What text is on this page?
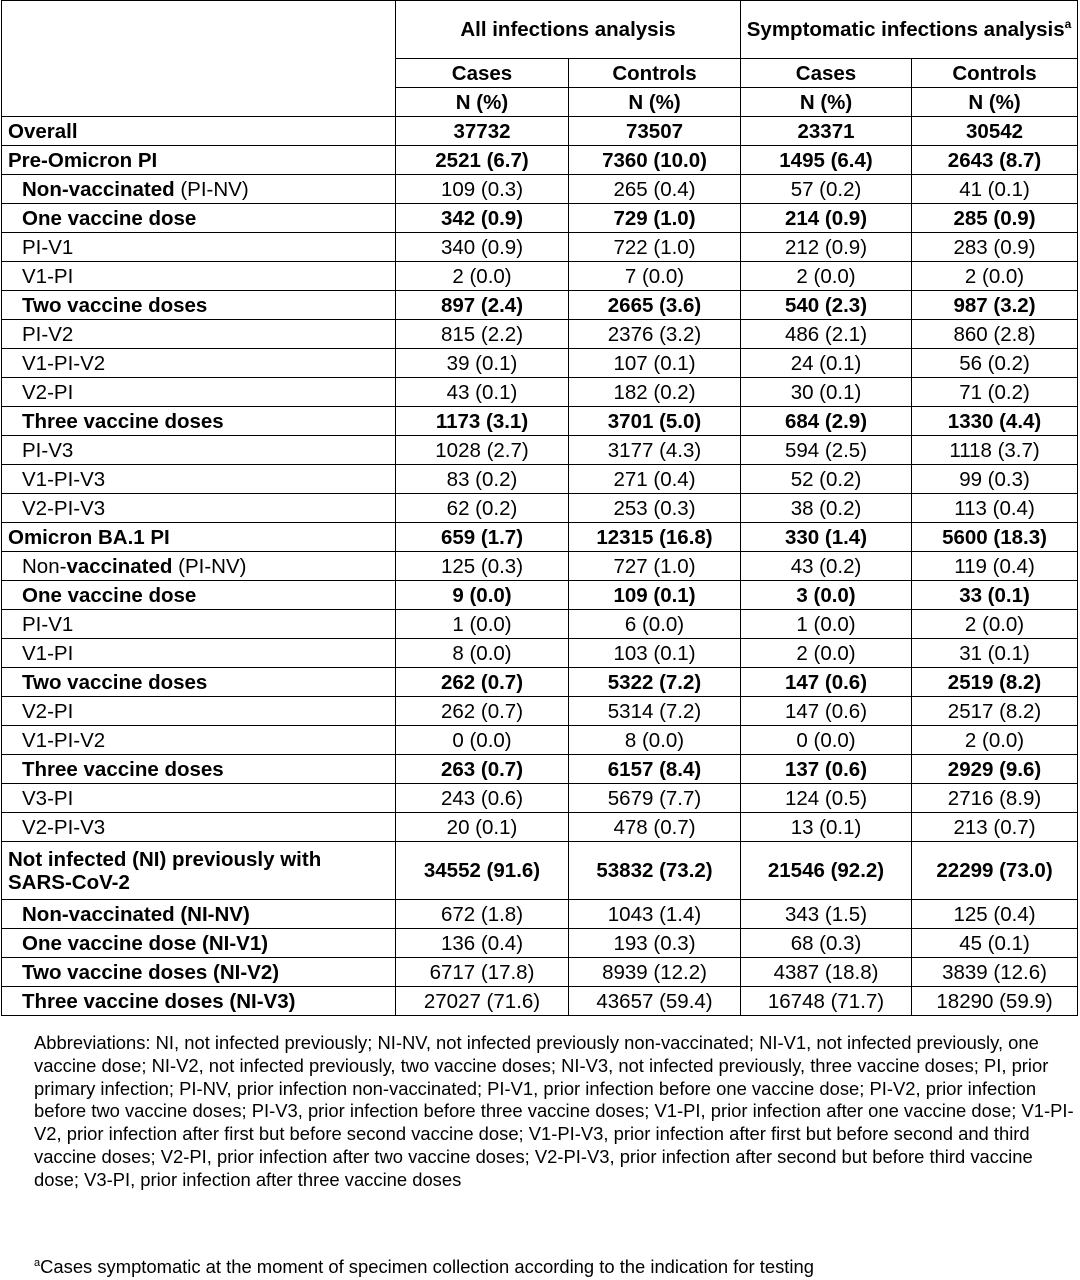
	All infections analysis		Symptomatic infections analysis$^a$
	Cases	Controls	Cases	Controls
	N (%)	N (%)	N (%)	N (%)
Overall	37732	73507	23371	30542
Pre-Omicron PI	2521 (6.7)	7360 (10.0)	1495 (6.4)	2643 (8.7)
Non-vaccinated (PI-NV)	109 (0.3)	265 (0.4)	57 (0.2)	41 (0.1)
One vaccine dose	342 (0.9)	729 (1.0)	214 (0.9)	285 (0.9)
PI-V1	340 (0.9)	722 (1.0)	212 (0.9)	283 (0.9)
V1-PI	2 (0.0)	7 (0.0)	2 (0.0)	2 (0.0)
Two vaccine doses	897 (2.4)	2665 (3.6)	540 (2.3)	987 (3.2)
PI-V2	815 (2.2)	2376 (3.2)	486 (2.1)	860 (2.8)
V1-PI-V2	39 (0.1)	107 (0.1)	24 (0.1)	56 (0.2)
V2-PI	43 (0.1)	182 (0.2)	30 (0.1)	71 (0.2)
Three vaccine doses	1173 (3.1)	3701 (5.0)	684 (2.9)	1330 (4.4)
PI-V3	1028 (2.7)	3177 (4.3)	594 (2.5)	1118 (3.7)
V1-PI-V3	83 (0.2)	271 (0.4)	52 (0.2)	99 (0.3)
V2-PI-V3	62 (0.2)	253 (0.3)	38 (0.2)	113 (0.4)
Omicron BA.1 PI	659 (1.7)	12315 (16.8)	330 (1.4)	5600 (18.3)
Non-vaccinated (PI-NV)	125 (0.3)	727 (1.0)	43 (0.2)	119 (0.4)
One vaccine dose	9 (0.0)	109 (0.1)	3 (0.0)	33 (0.1)
PI-V1	1 (0.0)	6 (0.0)	1 (0.0)	2 (0.0)
V1-PI	8 (0.0)	103 (0.1)	2 (0.0)	31 (0.1)
Two vaccine doses	262 (0.7)	5322 (7.2)	147 (0.6)	2519 (8.2)
V2-PI	262 (0.7)	5314 (7.2)	147 (0.6)	2517 (8.2)
V1-PI-V2	0 (0.0)	8 (0.0)	0 (0.0)	2 (0.0)
Three vaccine doses	263 (0.7)	6157 (8.4)	137 (0.6)	2929 (9.6)
V3-PI	243 (0.6)	5679 (7.7)	124 (0.5)	2716 (8.9)
V2-PI-V3	20 (0.1)	478 (0.7)	13 (0.1)	213 (0.7)
Not infected (NI) previously with SARS-CoV-2	34552 (91.6)	53832 (73.2)	21546 (92.2)	22299 (73.0)
Non-vaccinated (NI-NV)	672 (1.8)	1043 (1.4)	343 (1.5)	125 (0.4)
One vaccine dose (NI-V1)	136 (0.4)	193 (0.3)	68 (0.3)	45 (0.1)
Two vaccine doses (NI-V2)	6717 (17.8)	8939 (12.2)	4387 (18.8)	3839 (12.6)
Three vaccine doses (NI-V3)	27027 (71.6)	43657 (59.4)	16748 (71.7)	18290 (59.9)

Abbreviations: NI, not infected previously; NI-NV, not infected previously non-vaccinated; NI-V1, not infected previously, one vaccine dose; NI-V2, not infected previously, two vaccine doses; NI-V3, not infected previously, three vaccine doses; PI, prior primary infection; PI-NV, prior infection non-vaccinated; PI-V1, prior infection before one vaccine dose; PI-V2, prior infection before two vaccine doses; PI-V3, prior infection before three vaccine doses; V1-PI, prior infection after one vaccine dose; V1-PI-V2, prior infection after first but before second vaccine dose; V1-PI-V3, prior infection after first but before second and third vaccine doses; V2-PI, prior infection after two vaccine doses; V2-PI-V3, prior infection after second but before third vaccine dose; V3-PI, prior infection after three vaccine doses

$^a$Cases symptomatic at the moment of specimen collection according to the indication for testing
